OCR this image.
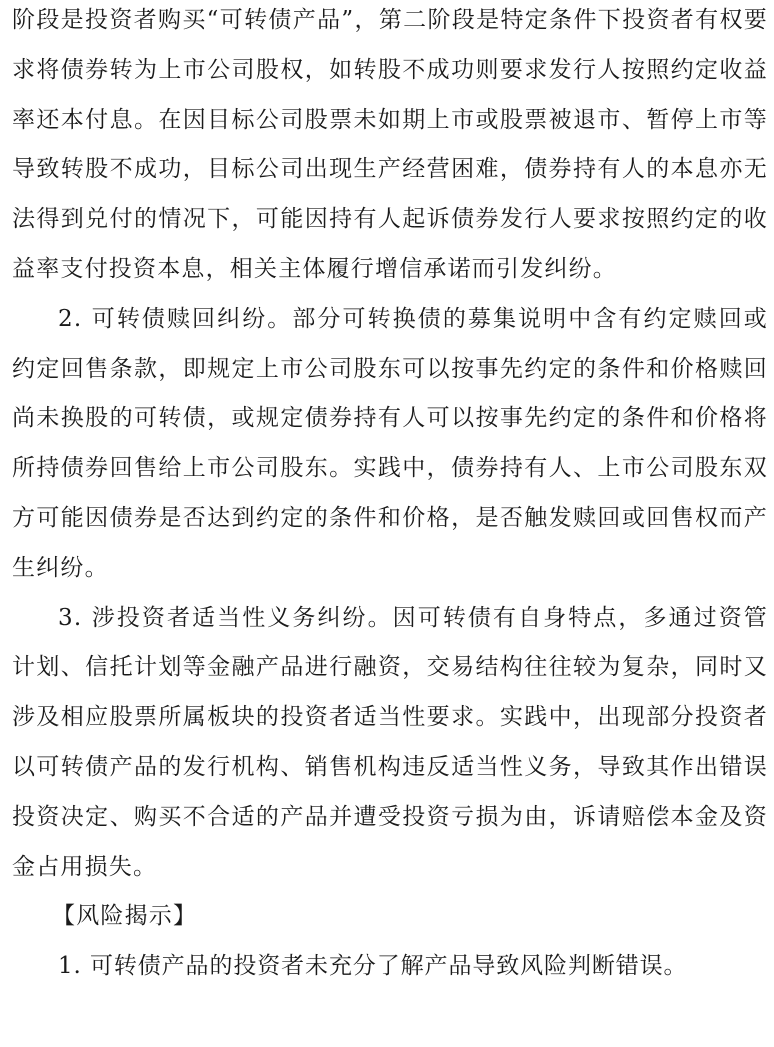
阶段是投资者购买“可转债产品”，第二阶段是特定条件下投资者有权要求将债券转为上市公司股权，如转股不成功则要求发行人按照约定收益率还本付息。在因目标公司股票未如期上市或股票被退市、暂停上市等导致转股不成功，目标公司出现生产经营困难，债券持有人的本息亦无法得到兑付的情况下，可能因持有人起诉债券发行人要求按照约定的收益率支付投资本息，相关主体履行增信承诺而引发纠纷。

2. 可转债赎回纠纷。部分可转换债的募集说明中含有约定赎回或约定回售条款，即规定上市公司股东可以按事先约定的条件和价格赎回尚未换股的可转债，或规定债券持有人可以按事先约定的条件和价格将所持债券回售给上市公司股东。实践中，债券持有人、上市公司股东双方可能因债券是否达到约定的条件和价格，是否触发赎回或回售权而产生纠纷。

3. 涉投资者适当性义务纠纷。因可转债有自身特点，多通过资管计划、信托计划等金融产品进行融资，交易结构往往较为复杂，同时又涉及相应股票所属板块的投资者适当性要求。实践中，出现部分投资者以可转债产品的发行机构、销售机构违反适当性义务，导致其作出错误投资决定、购买不合适的产品并遭受投资亏损为由，诉请赔偿本金及资金占用损失。

【风险揭示】

1. 可转债产品的投资者未充分了解产品导致风险判断错误。
